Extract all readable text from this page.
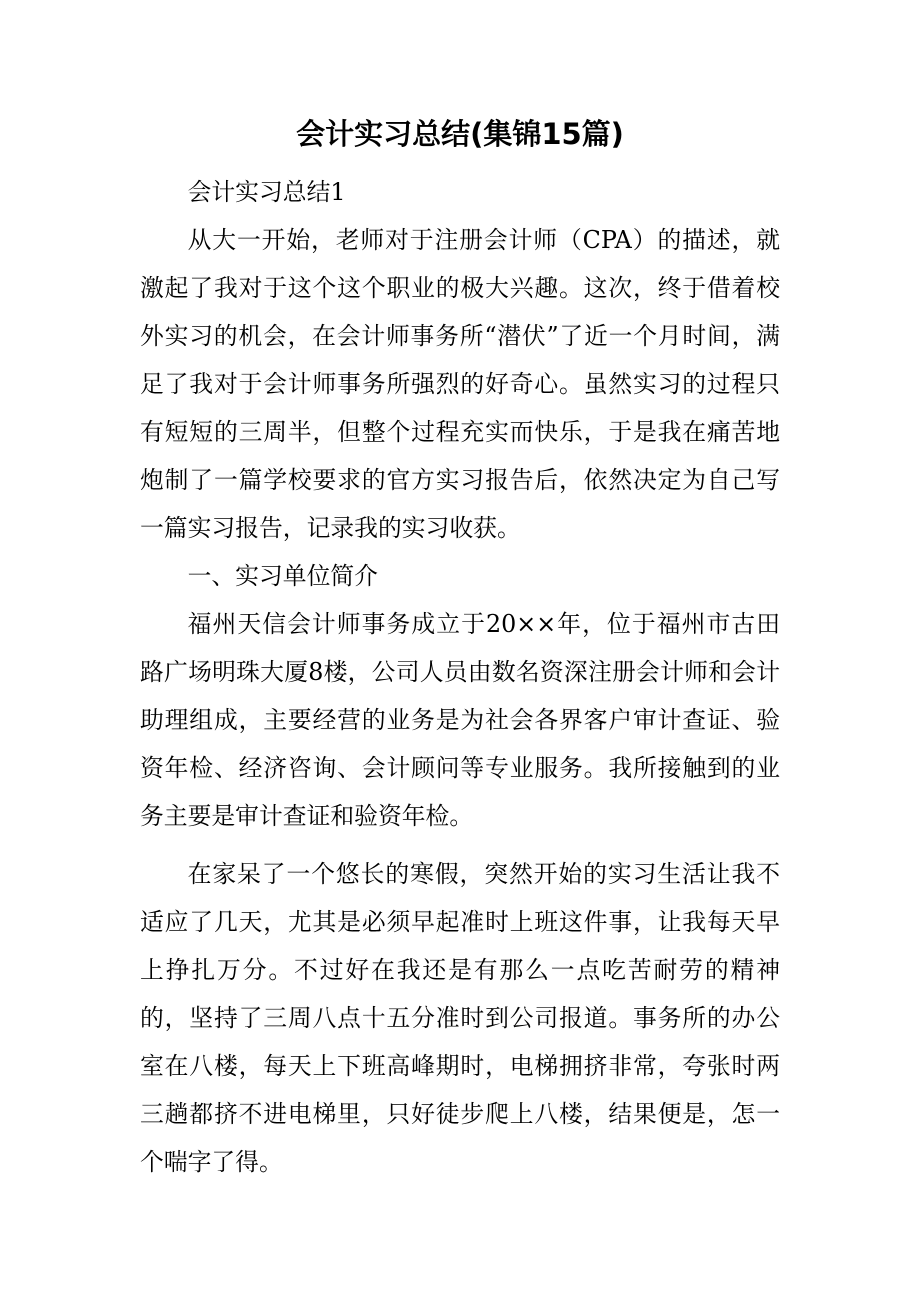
会计实习总结(集锦15篇)

会计实习总结1

从大一开始，老师对于注册会计师（CPA）的描述，就激起了我对于这个这个职业的极大兴趣。这次，终于借着校外实习的机会，在会计师事务所“潜伏”了近一个月时间，满足了我对于会计师事务所强烈的好奇心。虽然实习的过程只有短短的三周半，但整个过程充实而快乐，于是我在痛苦地炮制了一篇学校要求的官方实习报告后，依然决定为自己写一篇实习报告，记录我的实习收获。

一、实习单位简介

福州天信会计师事务成立于20××年，位于福州市古田路广场明珠大厦8楼，公司人员由数名资深注册会计师和会计助理组成，主要经营的业务是为社会各界客户审计查证、验资年检、经济咨询、会计顾问等专业服务。我所接触到的业务主要是审计查证和验资年检。

在家呆了一个悠长的寒假，突然开始的实习生活让我不适应了几天，尤其是必须早起准时上班这件事，让我每天早上挣扎万分。不过好在我还是有那么一点吃苦耐劳的精神的，坚持了三周八点十五分准时到公司报道。事务所的办公室在八楼，每天上下班高峰期时，电梯拥挤非常，夸张时两三趟都挤不进电梯里，只好徒步爬上八楼，结果便是，怎一个喘字了得。
